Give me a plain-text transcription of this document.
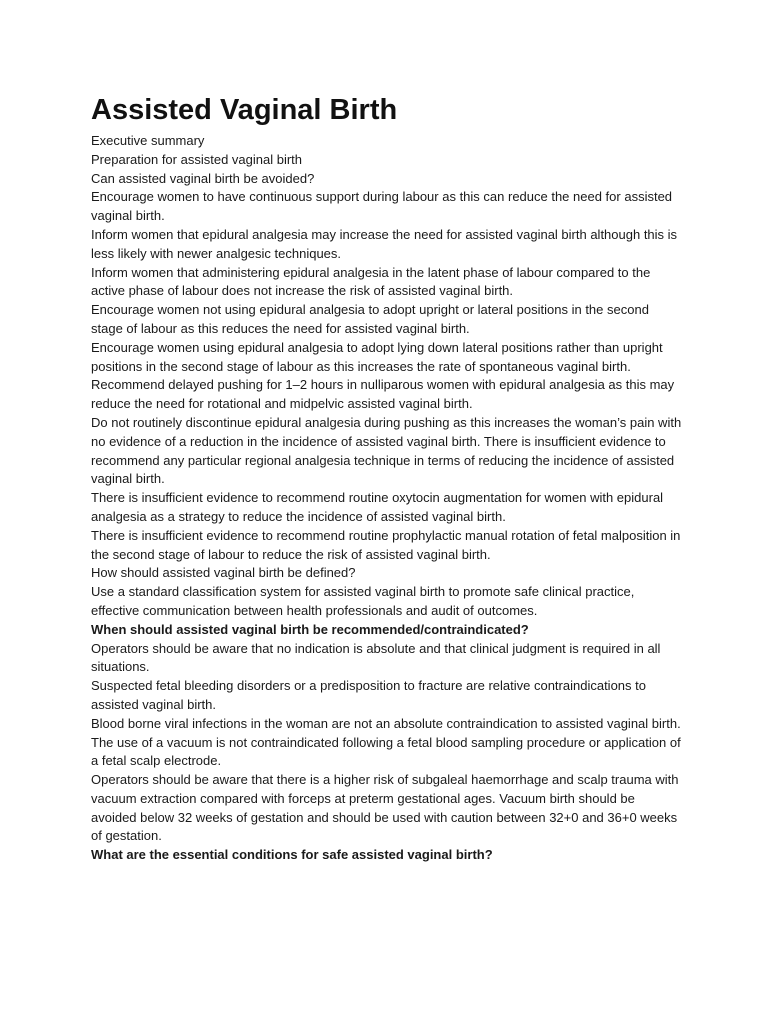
Assisted Vaginal Birth

Executive summary

Preparation for assisted vaginal birth

Can assisted vaginal birth be avoided?

Encourage women to have continuous support during labour as this can reduce the need for assisted vaginal birth.

Inform women that epidural analgesia may increase the need for assisted vaginal birth although this is less likely with newer analgesic techniques.

Inform women that administering epidural analgesia in the latent phase of labour compared to the active phase of labour does not increase the risk of assisted vaginal birth.

Encourage women not using epidural analgesia to adopt upright or lateral positions in the second stage of labour as this reduces the need for assisted vaginal birth.

Encourage women using epidural analgesia to adopt lying down lateral positions rather than upright positions in the second stage of labour as this increases the rate of spontaneous vaginal birth.

Recommend delayed pushing for 1–2 hours in nulliparous women with epidural analgesia as this may reduce the need for rotational and midpelvic assisted vaginal birth.

Do not routinely discontinue epidural analgesia during pushing as this increases the woman’s pain with no evidence of a reduction in the incidence of assisted vaginal birth. There is insufficient evidence to recommend any particular regional analgesia technique in terms of reducing the incidence of assisted vaginal birth.

There is insufficient evidence to recommend routine oxytocin augmentation for women with epidural analgesia as a strategy to reduce the incidence of assisted vaginal birth.

There is insufficient evidence to recommend routine prophylactic manual rotation of fetal malposition in the second stage of labour to reduce the risk of assisted vaginal birth.

How should assisted vaginal birth be defined?

Use a standard classification system for assisted vaginal birth to promote safe clinical practice, effective communication between health professionals and audit of outcomes.

When should assisted vaginal birth be recommended/contraindicated?

Operators should be aware that no indication is absolute and that clinical judgment is required in all situations.

Suspected fetal bleeding disorders or a predisposition to fracture are relative contraindications to assisted vaginal birth.

Blood borne viral infections in the woman are not an absolute contraindication to assisted vaginal birth.

The use of a vacuum is not contraindicated following a fetal blood sampling procedure or application of a fetal scalp electrode.

Operators should be aware that there is a higher risk of subgaleal haemorrhage and scalp trauma with vacuum extraction compared with forceps at preterm gestational ages. Vacuum birth should be avoided below 32 weeks of gestation and should be used with caution between 32+0 and 36+0 weeks of gestation.

What are the essential conditions for safe assisted vaginal birth?
